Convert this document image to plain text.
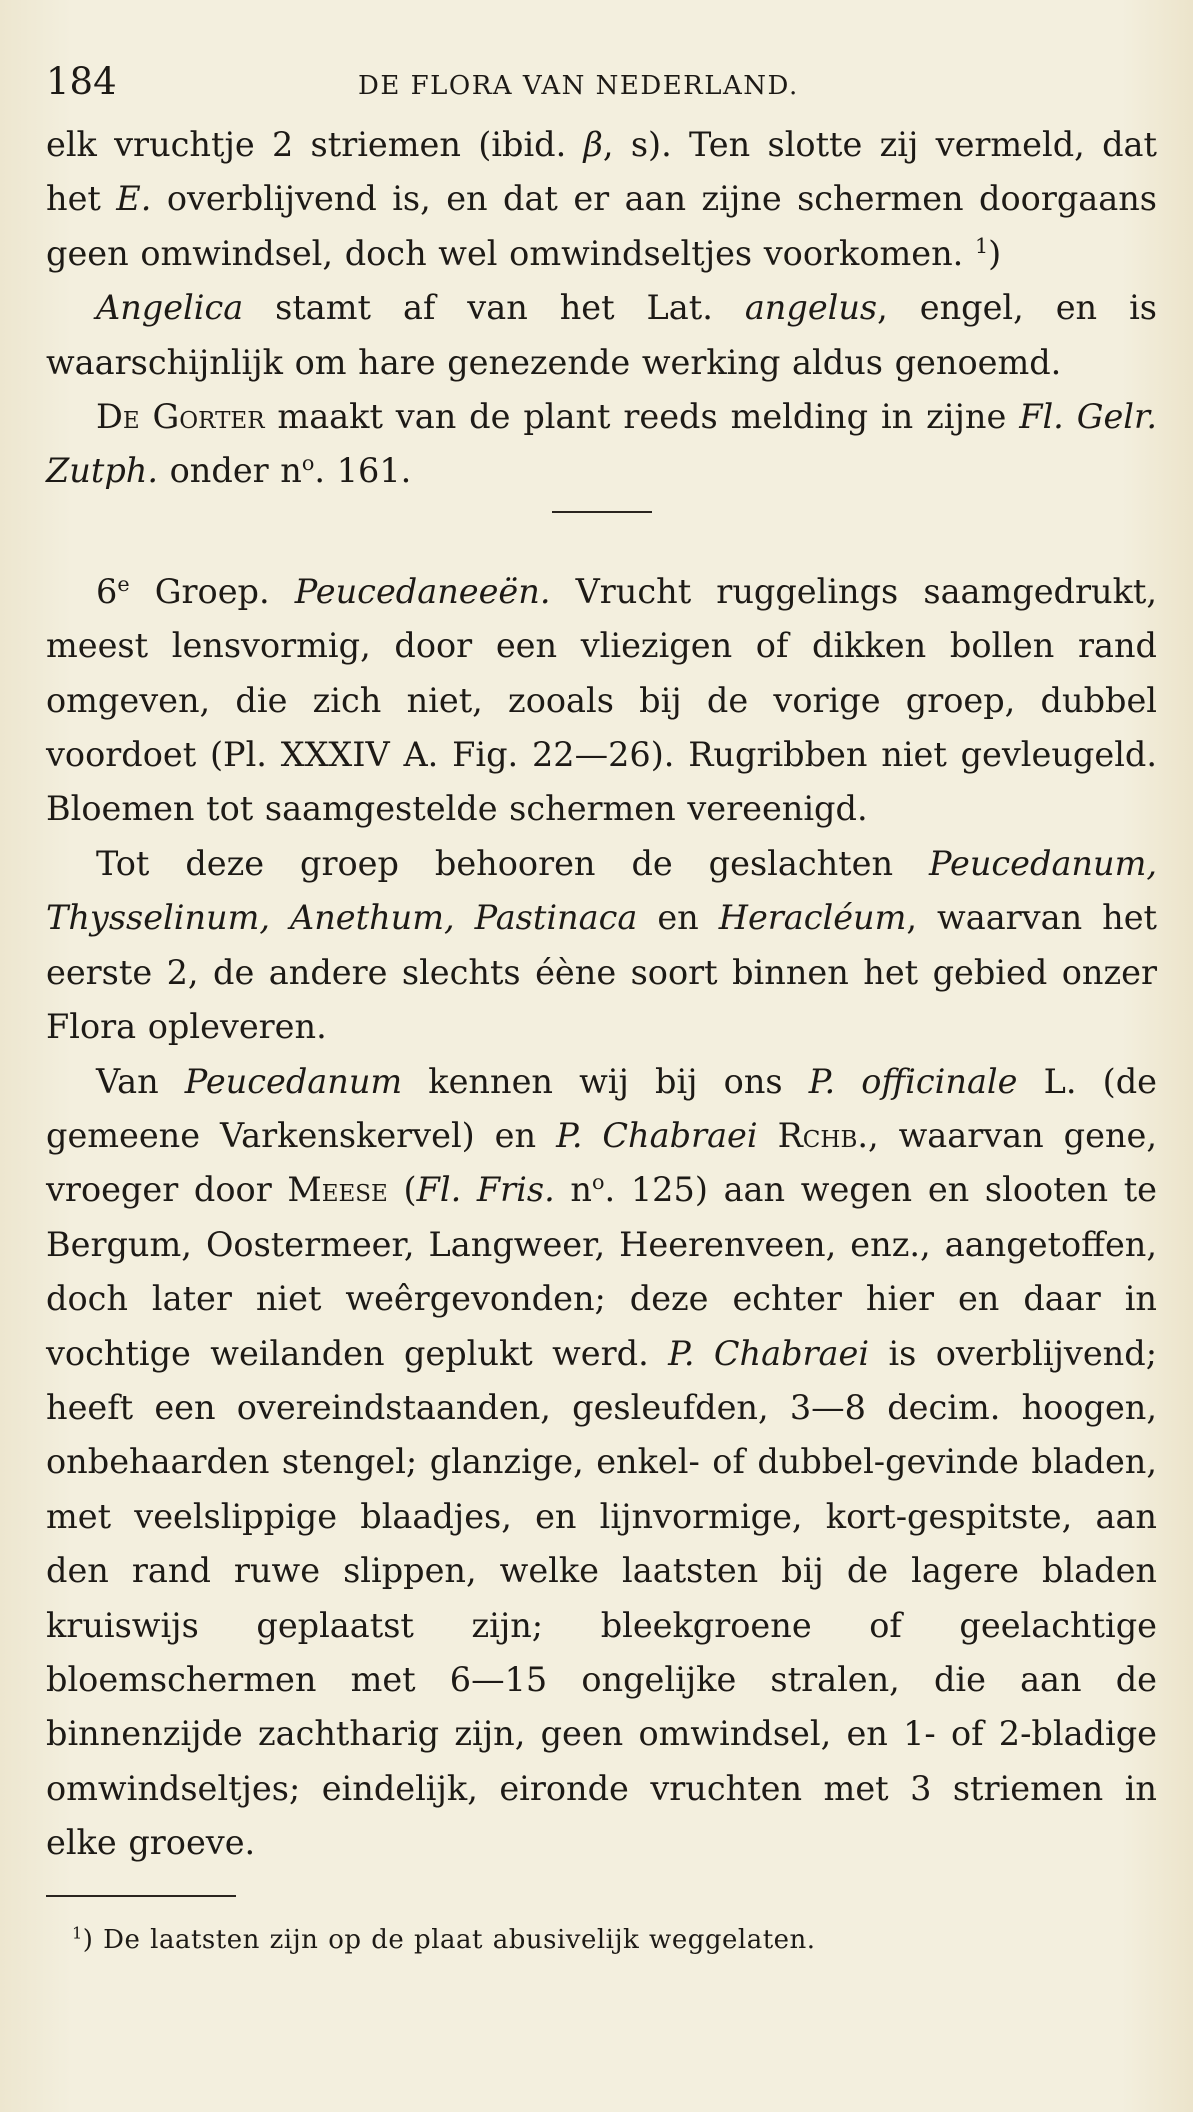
184	DE FLORA VAN NEDERLAND.

elk vruchtje 2 striemen (ibid. β, s). Ten slotte zij vermeld, dat het E. overblijvend is, en dat er aan zijne schermen doorgaans geen omwindsel, doch wel omwindseltjes voorkomen. $^1$)

Angelica stamt af van het Lat. angelus, engel, en is waarschijnlijk om hare genezende werking aldus genoemd.

De Gorter maakt van de plant reeds melding in zijne Fl. Gelr. Zutph. onder $n^o$. 161.

6e Groep. Peucedaneeën. Vrucht ruggelings saamgedrukt, meest lensvormig, door een vliezigen of dikken bollen rand omgeven, die zich niet, zooals bij de vorige groep, dubbel voordoet (Pl. XXXIV A. Fig. 22—26). Rugribben niet gevleugeld. Bloemen tot saamgestelde schermen vereenigd.

Tot deze groep behooren de geslachten Peucedanum, Thysselinum, Anethum, Pastinaca en Heracléum, waarvan het eerste 2, de andere slechts éène soort binnen het gebied onzer Flora opleveren.

Van Peucedanum kennen wij bij ons P. officinale L. (de gemeene Varkenskervel) en P. Chabraei Rchb., waarvan gene, vroeger door Meese (Fl. Fris. $n^o$. 125) aan wegen en slooten te Bergum, Oostermeer, Langweer, Heerenveen, enz., aangetoffen, doch later niet weêrgevonden; deze echter hier en daar in vochtige weilanden geplukt werd. P. Chabraei is overblijvend; heeft een overeindstaanden, gesleufden, 3—8 decim. hoogen, onbehaarden stengel; glanzige, enkel- of dubbel-gevinde bladen, met veelslippige blaadjes, en lijnvormige, kort-gespitste, aan den rand ruwe slippen, welke laatsten bij de lagere bladen kruiswijs geplaatst zijn; bleekgroene of geelachtige bloemschermen met 6—15 ongelijke stralen, die aan de binnenzijde zachtharig zijn, geen omwindsel, en 1- of 2-bladige omwindseltjes; eindelijk, eironde vruchten met 3 striemen in elke groeve.

$^1$) De laatsten zijn op de plaat abusivelijk weggelaten.
